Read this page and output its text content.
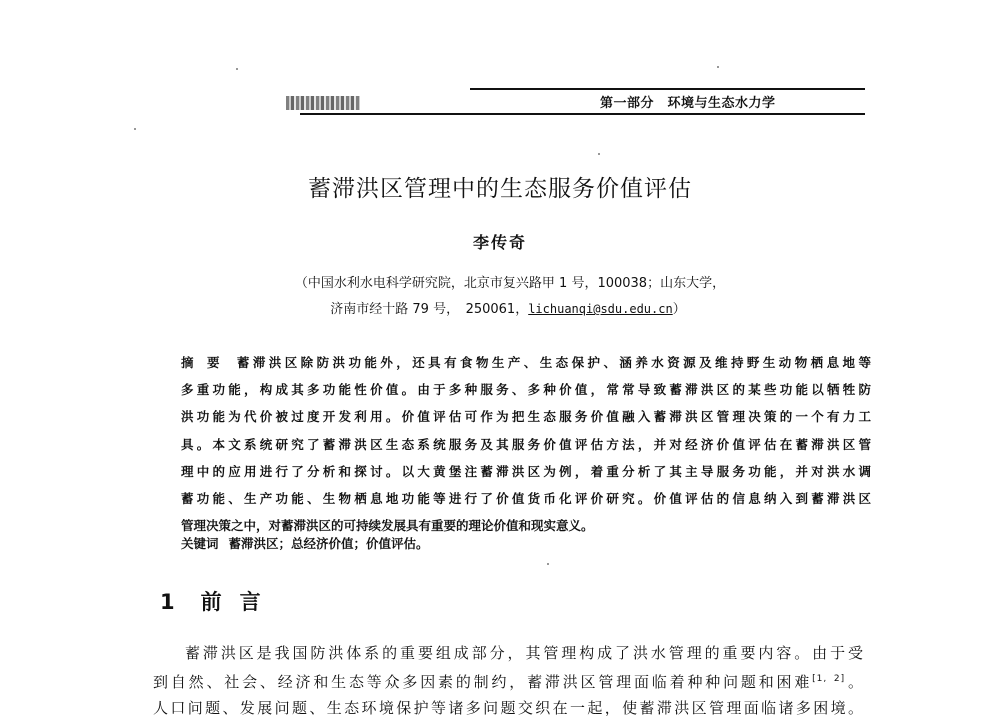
第一部分　环境与生态水力学
蓄滞洪区管理中的生态服务价值评估
李传奇
（中国水利水电科学研究院，北京市复兴路甲 1 号，100038；山东大学，
济南市经十路 79 号，　250061，lichuanqi@sdu.edu.cn）
摘要 蓄滞洪区除防洪功能外，还具有食物生产、生态保护、涵养水资源及维持野生动物栖息地等
多重功能，构成其多功能性价值。由于多种服务、多种价值，常常导致蓄滞洪区的某些功能以牺牲防
洪功能为代价被过度开发利用。价值评估可作为把生态服务价值融入蓄滞洪区管理决策的一个有力工
具。本文系统研究了蓄滞洪区生态系统服务及其服务价值评估方法，并对经济价值评估在蓄滞洪区管
理中的应用进行了分析和探讨。以大黄堡注蓄滞洪区为例，着重分析了其主导服务功能，并对洪水调
蓄功能、生产功能、生物栖息地功能等进行了价值货币化评价研究。价值评估的信息纳入到蓄滞洪区
管理决策之中，对蓄滞洪区的可持续发展具有重要的理论价值和现实意义。
关键词 蓄滞洪区；总经济价值；价值评估。
1 前言
蓄滞洪区是我国防洪体系的重要组成部分，其管理构成了洪水管理的重要内容。由于受
到自然、社会、经济和生态等众多因素的制约，蓄滞洪区管理面临着种种问题和困难[1, 2]。
人口问题、发展问题、生态环境保护等诸多问题交织在一起，使蓄滞洪区管理面临诸多困境。
